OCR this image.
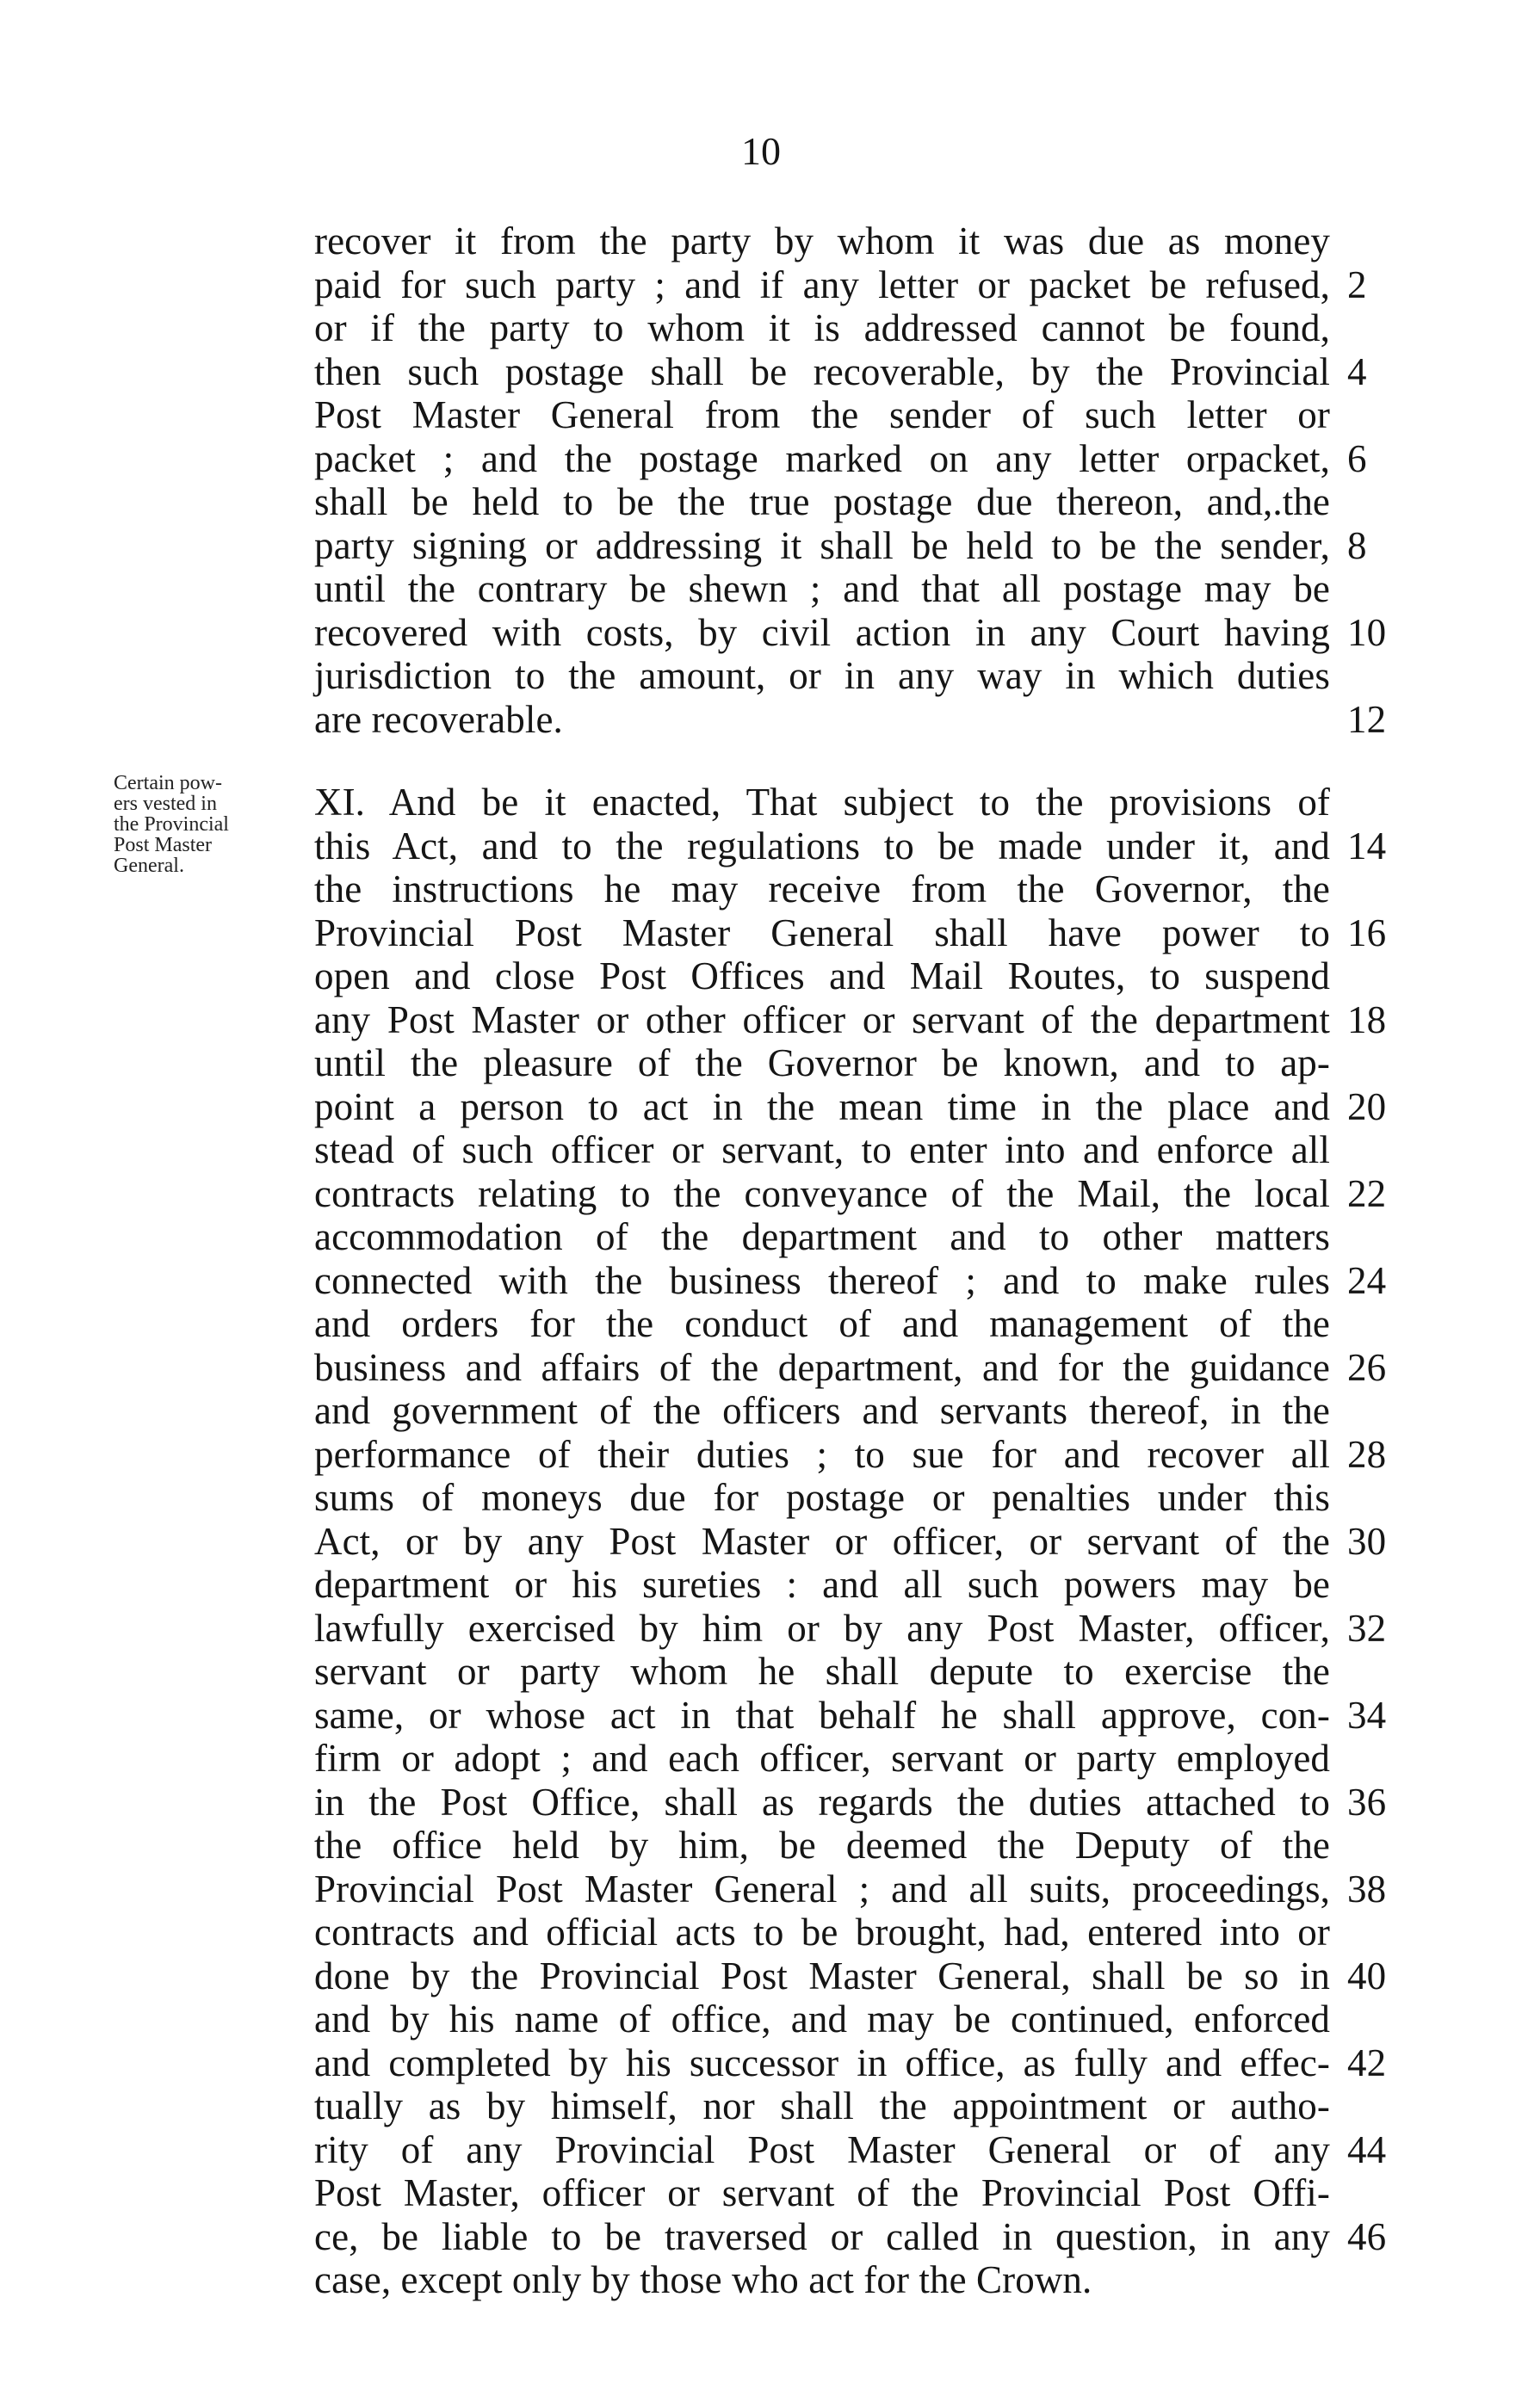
10
Certain pow-
ers vested in
the Provincial
Post Master
General.
recover it from the party by whom it was due as money
paid for such party ; and if any letter or packet be refused, 2
or if the party to whom it is addressed cannot be found,
then such postage shall be recoverable, by the Provincial 4
Post Master General from the sender of such letter or
packet ; and the postage marked on any letter orpacket, 6
shall be held to be the true postage due thereon, and,.the
party signing or addressing it shall be held to be the sender, 8
until the contrary be shewn ; and that all postage may be
recovered with costs, by civil action in any Court having 10
jurisdiction to the amount, or in any way in which duties
are recoverable.	12
XI. And be it enacted, That subject to the provisions of
this Act, and to the regulations to be made under it, and 14
the instructions he may receive from the Governor, the
Provincial Post Master General shall have power to 16
open and close Post Offices and Mail Routes, to suspend
any Post Master or other officer or servant of the department 18
until the pleasure of the Governor be known, and to ap-
point a person to act in the mean time in the place and 20
stead of such officer or servant, to enter into and enforce all
contracts relating to the conveyance of the Mail, the local 22
accommodation of the department and to other matters
connected with the business thereof ; and to make rules 24
and orders for the conduct of and management of the
business and affairs of the department, and for the guidance 26
and government of the officers and servants thereof, in the
performance of their duties ; to sue for and recover all 28
sums of moneys due for postage or penalties under this
Act, or by any Post Master or officer, or servant of the 30
department or his sureties : and all such powers may be
lawfully exercised by him or by any Post Master, officer, 32
servant or party whom he shall depute to exercise the
same, or whose act in that behalf he shall approve, con- 34
firm or adopt ; and each officer, servant or party employed
in the Post Office, shall as regards the duties attached to 36
the office held by him, be deemed the Deputy of the
Provincial Post Master General ; and all suits, proceedings, 38
contracts and official acts to be brought, had, entered into or
done by the Provincial Post Master General, shall be so in 40
and by his name of office, and may be continued, enforced
and completed by his successor in office, as fully and effec- 42
tually as by himself, nor shall the appointment or autho-
rity of any Provincial Post Master General or of any 44
Post Master, officer or servant of the Provincial Post Offi-
ce, be liable to be traversed or called in question, in any 46
case, except only by those who act for the Crown.
